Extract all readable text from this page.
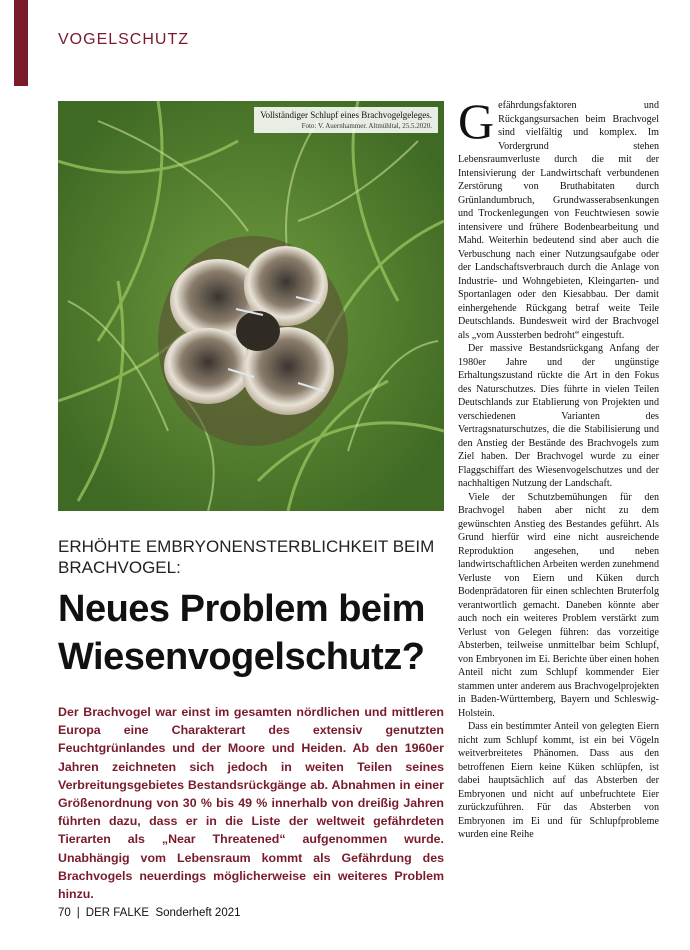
VOGELSCHUTZ
Vollständiger Schlupf eines Brachvogelgeleges.
Foto: V. Auernhammer. Altmühltal, 25.5.2020.
ERHÖHTE EMBRYONENSTERBLICHKEIT BEIM BRACHVOGEL:
Neues Problem beim Wiesenvogelschutz?
Der Brachvogel war einst im gesamten nördlichen und mittleren Europa eine Charakterart des extensiv genutzten Feuchtgrünlandes und der Moore und Heiden. Ab den 1960er Jahren zeichneten sich jedoch in weiten Teilen seines Verbreitungsgebietes Bestandsrückgänge ab. Abnahmen in einer Größenordnung von 30 % bis 49 % innerhalb von dreißig Jahren führten dazu, dass er in die Liste der weltweit gefährdeten Tierarten als „Near Threatened“ aufgenommen wurde. Unabhängig vom Lebensraum kommt als Gefährdung des Brachvogels neuerdings möglicherweise ein weiteres Problem hinzu.

Gefährdungsfaktoren und Rückgangsursachen beim Brachvogel sind vielfältig und komplex. Im Vordergrund stehen Lebensraumverluste durch die mit der Intensivierung der Landwirtschaft verbundenen Zerstörung von Bruthabitaten durch Grünlandumbruch, Grundwasserabsenkungen und Trockenlegungen von Feuchtwiesen sowie intensivere und frühere Bodenbearbeitung und Mahd. Weiterhin bedeutend sind aber auch die Verbuschung nach einer Nutzungsaufgabe oder der Landschaftsverbrauch durch die Anlage von Industrie- und Wohngebieten, Kleingarten- und Sportanlagen oder den Kiesabbau. Der damit einhergehende Rückgang betraf weite Teile Deutschlands. Bundesweit wird der Brachvogel als „vom Aussterben bedroht“ eingestuft.

Der massive Bestandsrückgang Anfang der 1980er Jahre und der ungünstige Erhaltungszustand rückte die Art in den Fokus des Naturschutzes. Dies führte in vielen Teilen Deutschlands zur Etablierung von Projekten und verschiedenen Varianten des Vertragsnaturschutzes, die die Stabilisierung und den Anstieg der Bestände des Brachvogels zum Ziel haben. Der Brachvogel wurde zu einer Flaggschiffart des Wiesenvogelschutzes und der nachhaltigen Nutzung der Landschaft.

Viele der Schutzbemühungen für den Brachvogel haben aber nicht zu dem gewünschten Anstieg des Bestandes geführt. Als Grund hierfür wird eine nicht ausreichende Reproduktion angesehen, und neben landwirtschaftlichen Arbeiten werden zunehmend Verluste von Eiern und Küken durch Bodenprädatoren für einen schlechten Bruterfolg verantwortlich gemacht. Daneben könnte aber auch noch ein weiteres Problem verstärkt zum Verlust von Gelegen führen: das vorzeitige Absterben, teilweise unmittelbar beim Schlupf, von Embryonen im Ei. Berichte über einen hohen Anteil nicht zum Schlupf kommender Eier stammen unter anderem aus Brachvogelprojekten in Baden-Württemberg, Bayern und Schleswig-Holstein.

Dass ein bestimmter Anteil von gelegten Eiern nicht zum Schlupf kommt, ist ein bei Vögeln weitverbreitetes Phänomen. Dass aus den betroffenen Eiern keine Küken schlüpfen, ist dabei hauptsächlich auf das Absterben der Embryonen und nicht auf unbefruchtete Eier zurückzuführen. Für das Absterben von Embryonen im Ei und für Schlupfprobleme wurden eine Reihe

70 | DER FALKE Sonderheft 2021
